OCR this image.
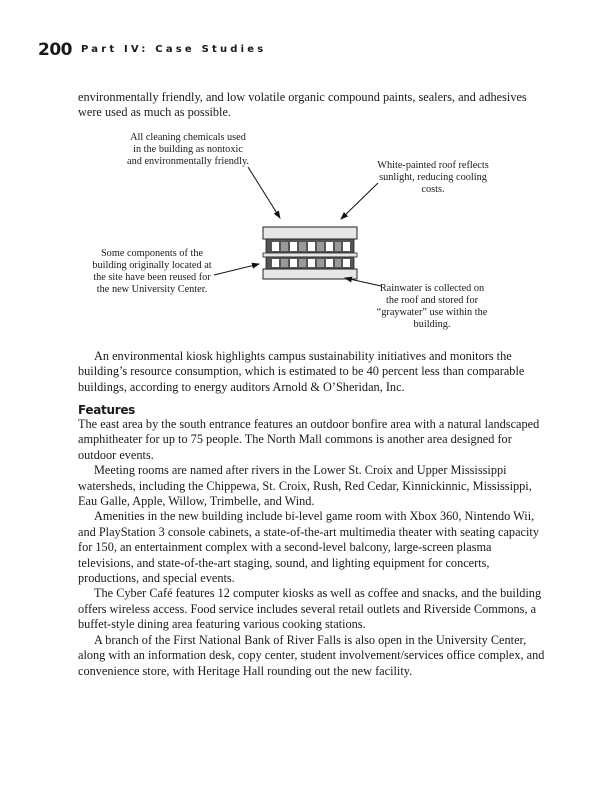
200 Part IV: Case Studies

environmentally friendly, and low volatile organic compound paints, sealers, and adhesives were used as much as possible.

All cleaning chemicals used in the building as nontoxic and environmentally friendly.	White-painted roof reflects sunlight, reducing cooling costs.
Some components of the building originally located at the site have been reused for the new University Center.	Rainwater is collected on the roof and stored for “graywater” use within the building.

An environmental kiosk highlights campus sustainability initiatives and monitors the building’s resource consumption, which is estimated to be 40 percent less than comparable buildings, according to energy auditors Arnold & O’Sheridan, Inc.

Features

The east area by the south entrance features an outdoor bonfire area with a natural landscaped amphitheater for up to 75 people. The North Mall commons is another area designed for outdoor events.

Meeting rooms are named after rivers in the Lower St. Croix and Upper Mississippi watersheds, including the Chippewa, St. Croix, Rush, Red Cedar, Kinnickinnic, Mississippi, Eau Galle, Apple, Willow, Trimbelle, and Wind.

Amenities in the new building include bi-level game room with Xbox 360, Nintendo Wii, and PlayStation 3 console cabinets, a state-of-the-art multimedia theater with seating capacity for 150, an entertainment complex with a second-level balcony, large-screen plasma televisions, and state-of-the-art staging, sound, and lighting equipment for concerts, productions, and special events.

The Cyber Café features 12 computer kiosks as well as coffee and snacks, and the building offers wireless access. Food service includes several retail outlets and Riverside Commons, a buffet-style dining area featuring various cooking stations.

A branch of the First National Bank of River Falls is also open in the University Center, along with an information desk, copy center, student involvement/services office complex, and convenience store, with Heritage Hall rounding out the new facility.
